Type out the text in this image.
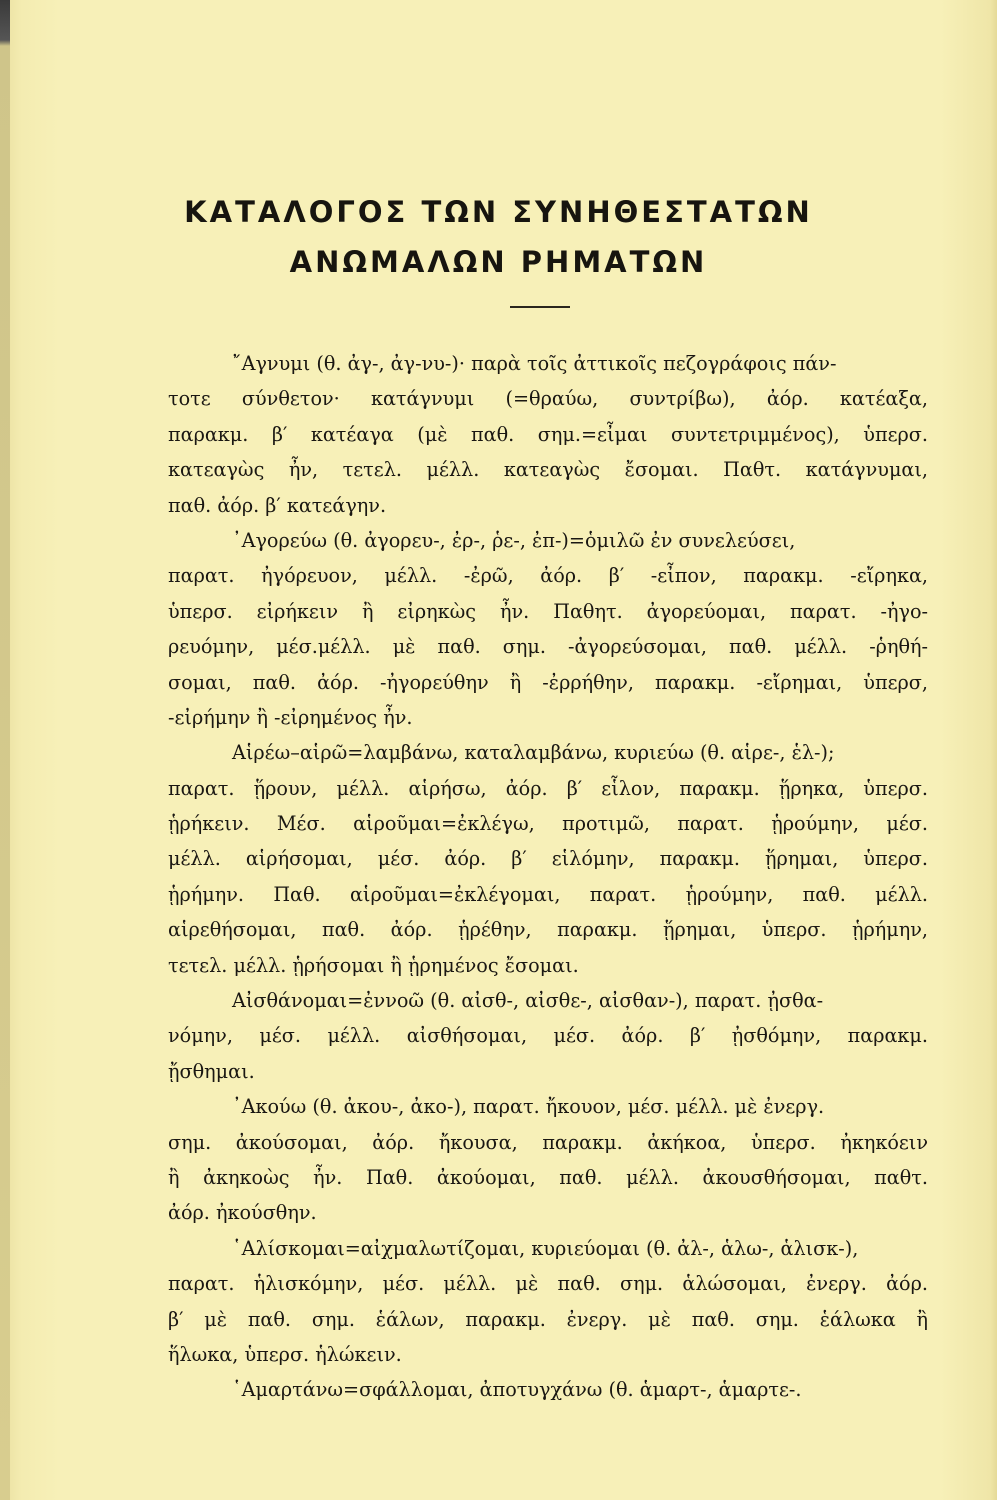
ΚΑΤΑΛΟΓΟΣ ΤΩΝ ΣΥΝΗΘΕΣΤΑΤΩΝ
ΑΝΩΜΑΛΩΝ ΡΗΜΑΤΩΝ
῎Αγνυμι (θ. ἀγ-, ἀγ-νυ-)· παρὰ τοῖς ἀττικοῖς πεζογράφοις πάν-
τοτε σύνθετον· κατάγνυμι (=θραύω, συντρίβω), ἀόρ. κατέαξα,
παρακμ. β′ κατέαγα (μὲ παθ. σημ.=εἶμαι συντετριμμένος), ὑπερσ.
κατεαγὼς ἦν, τετελ. μέλλ. κατεαγὼς ἔσομαι. Παθτ. κατάγνυμαι,
παθ. ἀόρ. β′ κατεάγην.
᾿Αγορεύω (θ. ἀγορευ-, ἐρ-, ῥε-, ἐπ-)=ὁμιλῶ ἐν συνελεύσει,
παρατ. ἠγόρευον, μέλλ. -ἐρῶ, ἀόρ. β′ -εἶπον, παρακμ. -εἴρηκα,
ὑπερσ. εἰρήκειν ἢ εἰρηκὼς ἦν. Παθητ. ἀγορεύομαι, παρατ. -ἠγο-
ρευόμην, μέσ.μέλλ. μὲ παθ. σημ. -ἀγορεύσομαι, παθ. μέλλ. -ῥηθή-
σομαι, παθ. ἀόρ. -ἠγορεύθην ἢ -ἐρρήθην, παρακμ. -εἴρημαι, ὑπερσ,
-εἰρήμην ἢ -εἰρημένος ἦν.
Αἱρέω–αἱρῶ=λαμβάνω, καταλαμβάνω, κυριεύω (θ. αἱρε-, ἑλ-);
παρατ. ᾕρουν, μέλλ. αἱρήσω, ἀόρ. β′ εἷλον, παρακμ. ᾕρηκα, ὑπερσ.
ᾑρήκειν. Μέσ. αἱροῦμαι=ἐκλέγω, προτιμῶ, παρατ. ᾑρούμην, μέσ.
μέλλ. αἱρήσομαι, μέσ. ἀόρ. β′ εἱλόμην, παρακμ. ᾕρημαι, ὑπερσ.
ᾑρήμην. Παθ. αἱροῦμαι=ἐκλέγομαι, παρατ. ᾑρούμην, παθ. μέλλ.
αἱρεθήσομαι, παθ. ἀόρ. ᾑρέθην, παρακμ. ᾕρημαι, ὑπερσ. ᾑρήμην,
τετελ. μέλλ. ᾑρήσομαι ἢ ᾑρημένος ἔσομαι.
Αἰσθάνομαι=ἐννοῶ (θ. αἰσθ-, αἰσθε-, αἰσθαν-), παρατ. ᾐσθα-
νόμην, μέσ. μέλλ. αἰσθήσομαι, μέσ. ἀόρ. β′ ᾐσθόμην, παρακμ.
ᾔσθημαι.
᾿Ακούω (θ. ἀκου-, ἀκο-), παρατ. ἤκουον, μέσ. μέλλ. μὲ ἐνεργ.
σημ. ἀκούσομαι, ἀόρ. ἤκουσα, παρακμ. ἀκήκοα, ὑπερσ. ἠκηκόειν
ἢ ἀκηκοὼς ἦν. Παθ. ἀκούομαι, παθ. μέλλ. ἀκουσθήσομαι, παθτ.
ἀόρ. ἠκούσθην.
῾Αλίσκομαι=αἰχμαλωτίζομαι, κυριεύομαι (θ. ἀλ-, ἁλω-, ἁλισκ-),
παρατ. ἡλισκόμην, μέσ. μέλλ. μὲ παθ. σημ. ἁλώσομαι, ἐνεργ. ἀόρ.
β′ μὲ παθ. σημ. ἑάλων, παρακμ. ἐνεργ. μὲ παθ. σημ. ἑάλωκα ἢ
ἥλωκα, ὑπερσ. ἡλώκειν.
῾Αμαρτάνω=σφάλλομαι, ἀποτυγχάνω (θ. ἁμαρτ-, ἁμαρτε-.
